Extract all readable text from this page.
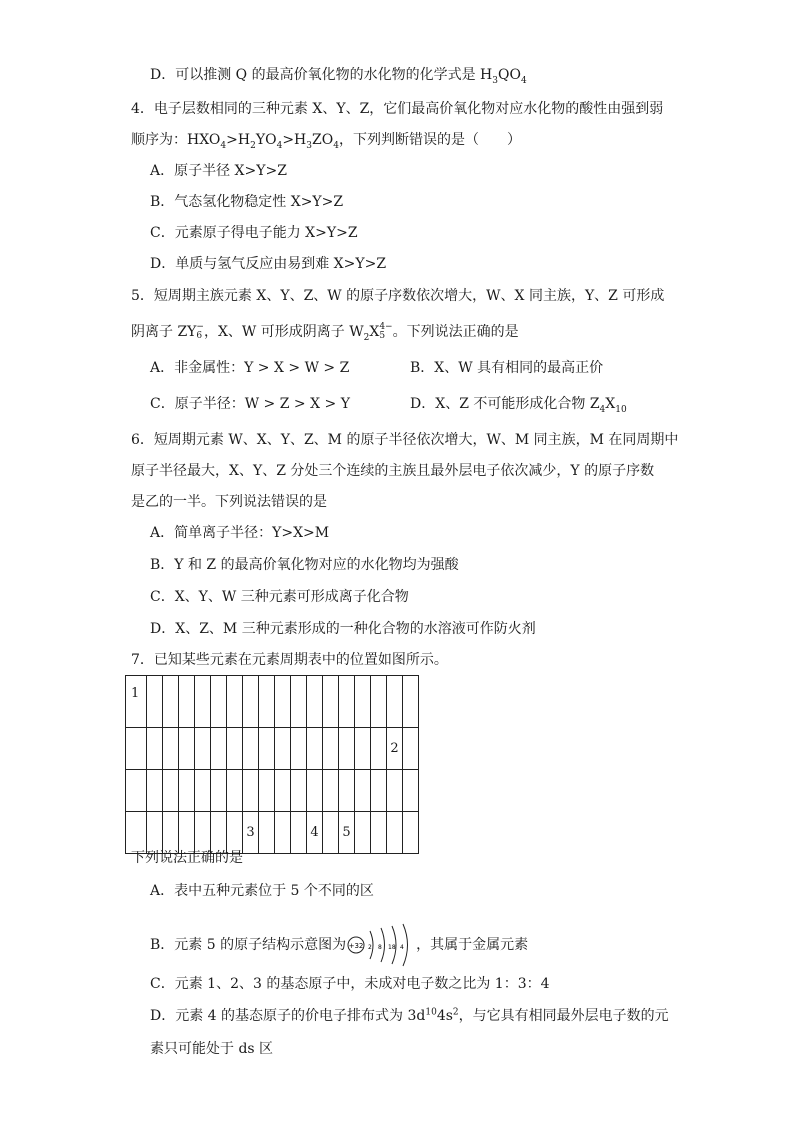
D．可以推测 Q 的最高价氧化物的水化物的化学式是 $H_3QO_4$
4．电子层数相同的三种元素 X、Y、Z，它们最高价氧化物对应水化物的酸性由强到弱
顺序为：$HXO_4>H_2YO_4>H_3ZO_4$，下列判断错误的是（　　）
A．原子半径 X>Y>Z
B．气态氢化物稳定性 X>Y>Z
C．元素原子得电子能力 X>Y>Z
D．单质与氢气反应由易到难 X>Y>Z
5．短周期主族元素 X、Y、Z、W 的原子序数依次增大，W、X 同主族，Y、Z 可形成
阴离子 ZY −
6 ，X、W 可形成阴离子 $W_2X$ 4−
5 。下列说法正确的是
A．非金属性：Y > X > W > Z	B．X、W 具有相同的最高正价
C．原子半径：W > Z > X > Y	D．X、Z 不可能形成化合物 $Z_4X_{10}$
6．短周期元素 W、X、Y、Z、M 的原子半径依次增大，W、M 同主族，M 在同周期中
原子半径最大，X、Y、Z 分处三个连续的主族且最外层电子依次减少，Y 的原子序数
是乙的一半。下列说法错误的是
A．简单离子半径：Y>X>M
B．Y 和 Z 的最高价氧化物对应的水化物均为强酸
C．X、Y、W 三种元素可形成离子化合物
D．X、Z、M 三种元素形成的一种化合物的水溶液可作防火剂
7．已知某些元素在元素周期表中的位置如图所示。
1																	
																2	

							3				4		5				
下列说法正确的是
A．表中五种元素位于 5 个不同的区
B．元素 5 的原子结构示意图为 +32 2 8 18 4 ，其属于金属元素
C．元素 1、2、3 的基态原子中，未成对电子数之比为 1：3：4
D．元素 4 的基态原子的价电子排布式为 $3d^{10}4s^2$，与它具有相同最外层电子数的元
素只可能处于 ds 区
